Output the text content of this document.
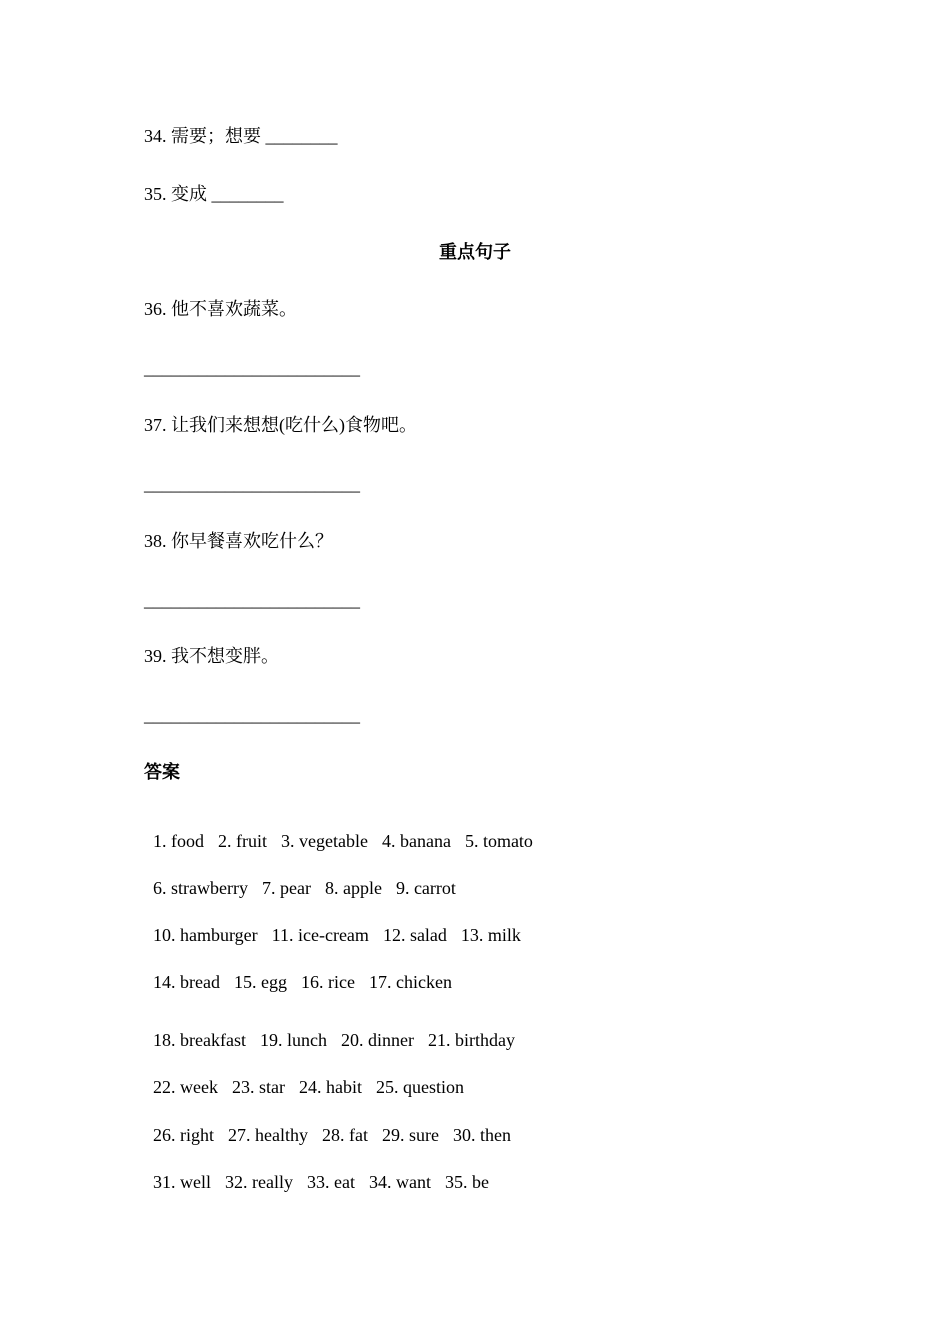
34. 需要；想要 ________
35. 变成 ________
重点句子
36. 他不喜欢蔬菜。
________________________
37. 让我们来想想(吃什么)食物吧。
________________________
38. 你早餐喜欢吃什么？
________________________
39. 我不想变胖。
________________________
答案

1. food 2. fruit 3. vegetable 4. banana 5. tomato

6. strawberry 7. pear 8. apple 9. carrot

10. hamburger 11. ice-cream 12. salad 13. milk

14. bread 15. egg 16. rice 17. chicken

18. breakfast 19. lunch 20. dinner 21. birthday

22. week 23. star 24. habit 25. question

26. right 27. healthy 28. fat 29. sure 30. then

31. well 32. really 33. eat 34. want 35. be
